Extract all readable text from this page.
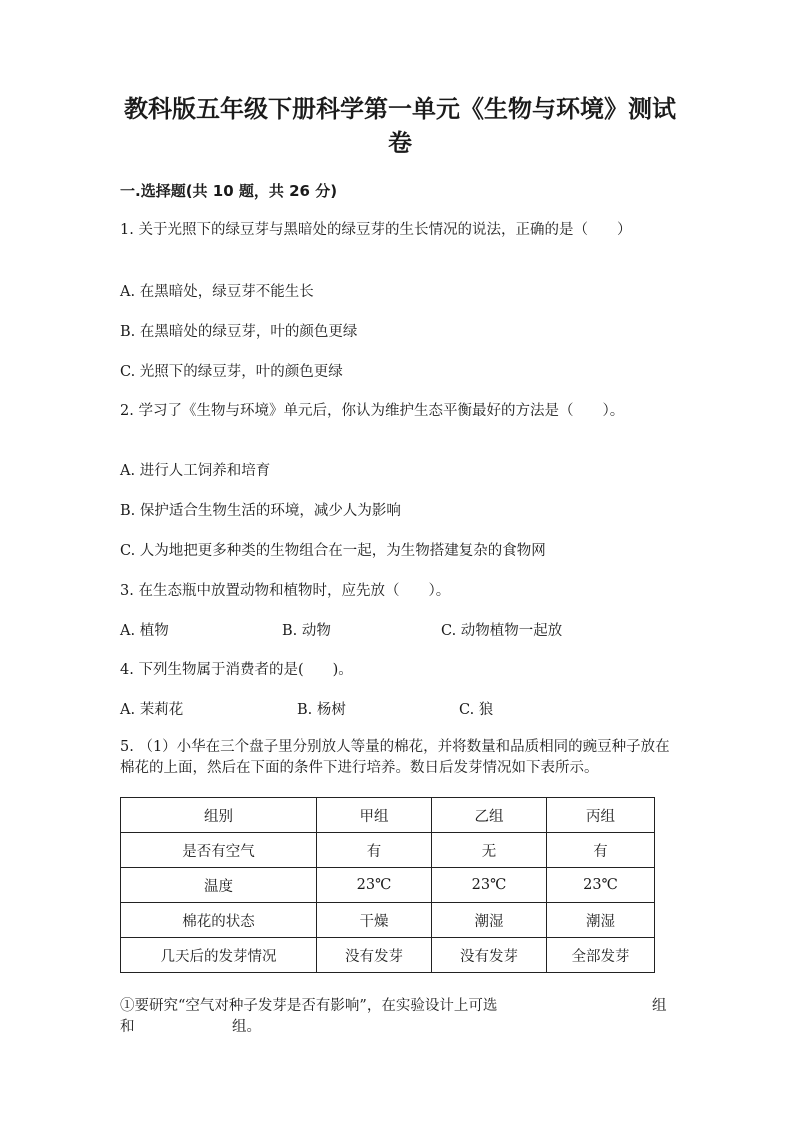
教科版五年级下册科学第一单元《生物与环境》测试卷
一.选择题(共 10 题，共 26 分)
1. 关于光照下的绿豆芽与黑暗处的绿豆芽的生长情况的说法，正确的是（　　）
A. 在黑暗处，绿豆芽不能生长
B. 在黑暗处的绿豆芽，叶的颜色更绿
C. 光照下的绿豆芽，叶的颜色更绿
2. 学习了《生物与环境》单元后，你认为维护生态平衡最好的方法是（　　）。
A. 进行人工饲养和培育
B. 保护适合生物生活的环境，减少人为影响
C. 人为地把更多种类的生物组合在一起，为生物搭建复杂的食物网
3. 在生态瓶中放置动物和植物时，应先放（　　）。
A. 植物	B. 动物	C. 动物植物一起放
4. 下列生物属于消费者的是(　　)。
A. 茉莉花	B. 杨树	C. 狼
5. （1）小华在三个盘子里分别放人等量的棉花，并将数量和品质相同的豌豆种子放在棉花的上面，然后在下面的条件下进行培养。数日后发芽情况如下表所示。
组别	甲组	乙组	丙组
是否有空气	有	无	有
温度	23℃	23℃	23℃
棉花的状态	干燥	潮湿	潮湿
几天后的发芽情况	没有发芽	没有发芽	全部发芽
①要研究“空气对种子发芽是否有影响”，在实验设计上可选	组
和	组。
